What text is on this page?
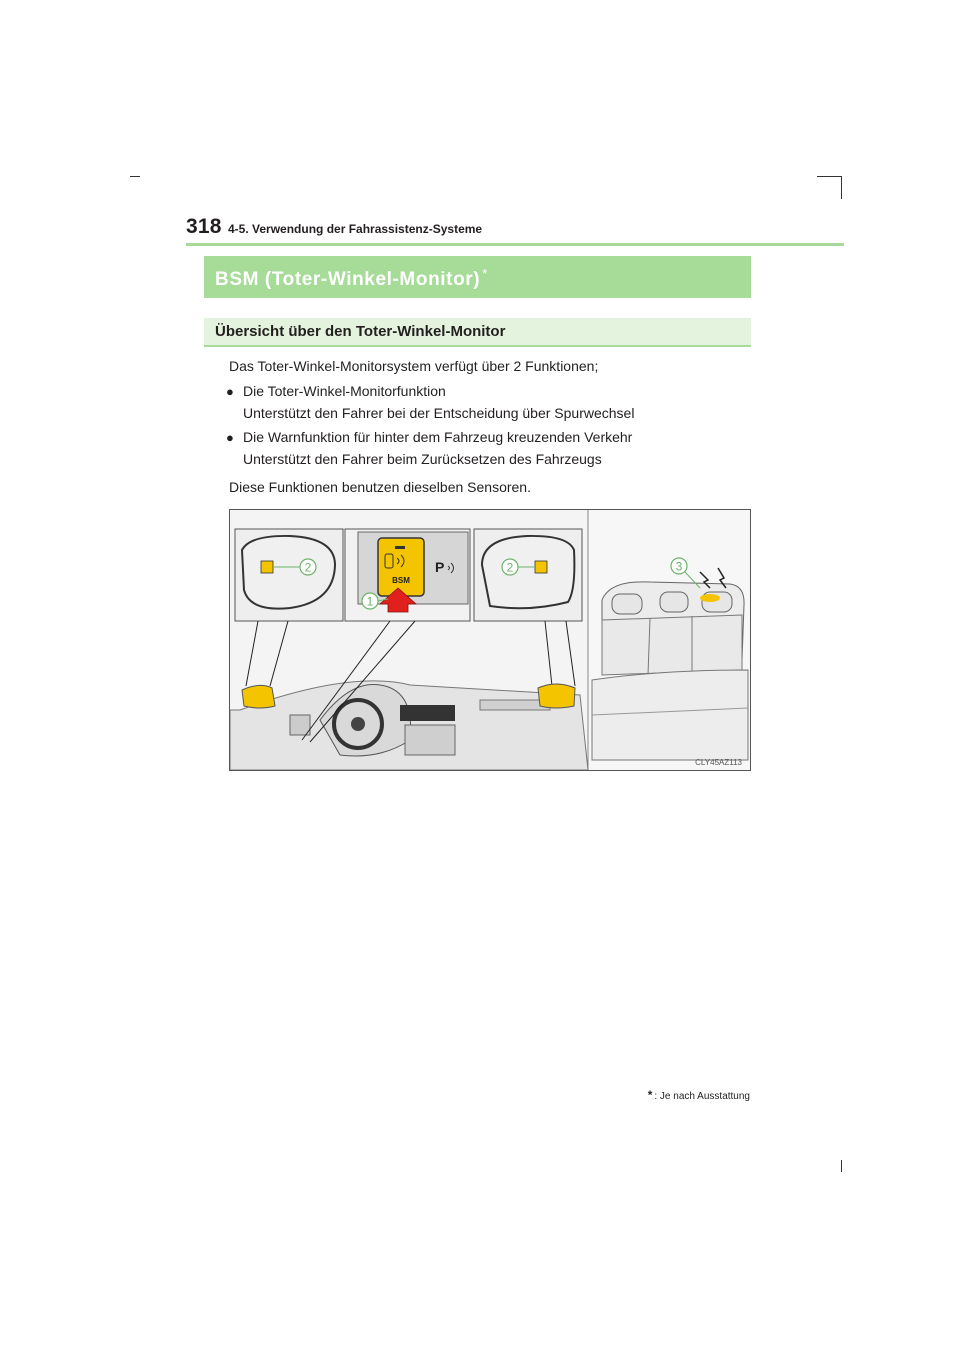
318 4-5. Verwendung der Fahrassistenz-Systeme
BSM (Toter-Winkel-Monitor) *
Übersicht über den Toter-Winkel-Monitor
Das Toter-Winkel-Monitorsystem verfügt über 2 Funktionen;
● Die Toter-Winkel-Monitorfunktion
Unterstützt den Fahrer bei der Entscheidung über Spurwechsel
● Die Warnfunktion für hinter dem Fahrzeug kreuzenden Verkehr
Unterstützt den Fahrer beim Zurücksetzen des Fahrzeugs
Diese Funktionen benutzen dieselben Sensoren.
BSM
P
1
2	2	3
CLY45AZ113
* : Je nach Ausstattung
